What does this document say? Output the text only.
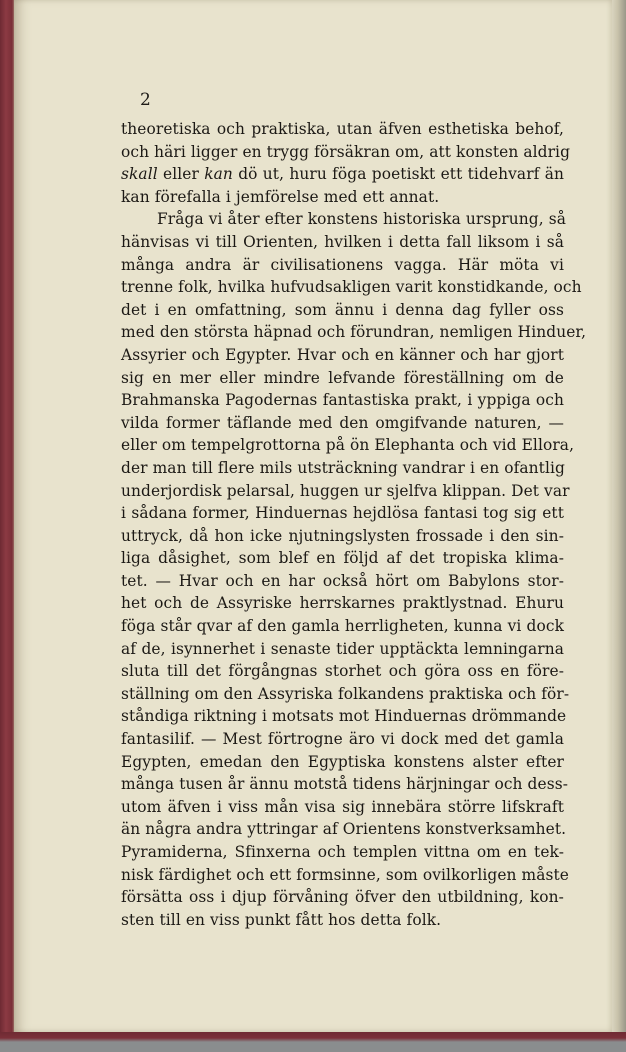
2
theoretiska och praktiska, utan äfven esthetiska behof,
och häri ligger en trygg försäkran om, att konsten aldrig
skall eller kan dö ut, huru föga poetiskt ett tidehvarf än
kan förefalla i jemförelse med ett annat.
Fråga vi åter efter konstens historiska ursprung, så
hänvisas vi till Orienten, hvilken i detta fall liksom i så
många andra är civilisationens vagga. Här möta vi
trenne folk, hvilka hufvudsakligen varit konstidkande, och
det i en omfattning, som ännu i denna dag fyller oss
med den största häpnad och förundran, nemligen Hinduer,
Assyrier och Egypter. Hvar och en känner och har gjort
sig en mer eller mindre lefvande föreställning om de
Brahmanska Pagodernas fantastiska prakt, i yppiga och
vilda former täflande med den omgifvande naturen, —
eller om tempelgrottorna på ön Elephanta och vid Ellora,
der man till flere mils utsträckning vandrar i en ofantlig
underjordisk pelarsal, huggen ur sjelfva klippan. Det var
i sådana former, Hinduernas hejdlösa fantasi tog sig ett
uttryck, då hon icke njutningslysten frossade i den sin-
liga dåsighet, som blef en följd af det tropiska klima-
tet. — Hvar och en har också hört om Babylons stor-
het och de Assyriske herrskarnes praktlystnad. Ehuru
föga står qvar af den gamla herrligheten, kunna vi dock
af de, isynnerhet i senaste tider upptäckta lemningarna
sluta till det förgångnas storhet och göra oss en före-
ställning om den Assyriska folkandens praktiska och för-
ståndiga riktning i motsats mot Hinduernas drömmande
fantasilif. — Mest förtrogne äro vi dock med det gamla
Egypten, emedan den Egyptiska konstens alster efter
många tusen år ännu motstå tidens härjningar och dess-
utom äfven i viss mån visa sig innebära större lifskraft
än några andra yttringar af Orientens konstverksamhet.
Pyramiderna, Sfinxerna och templen vittna om en tek-
nisk färdighet och ett formsinne, som ovilkorligen måste
försätta oss i djup förvåning öfver den utbildning, kon-
sten till en viss punkt fått hos detta folk.
